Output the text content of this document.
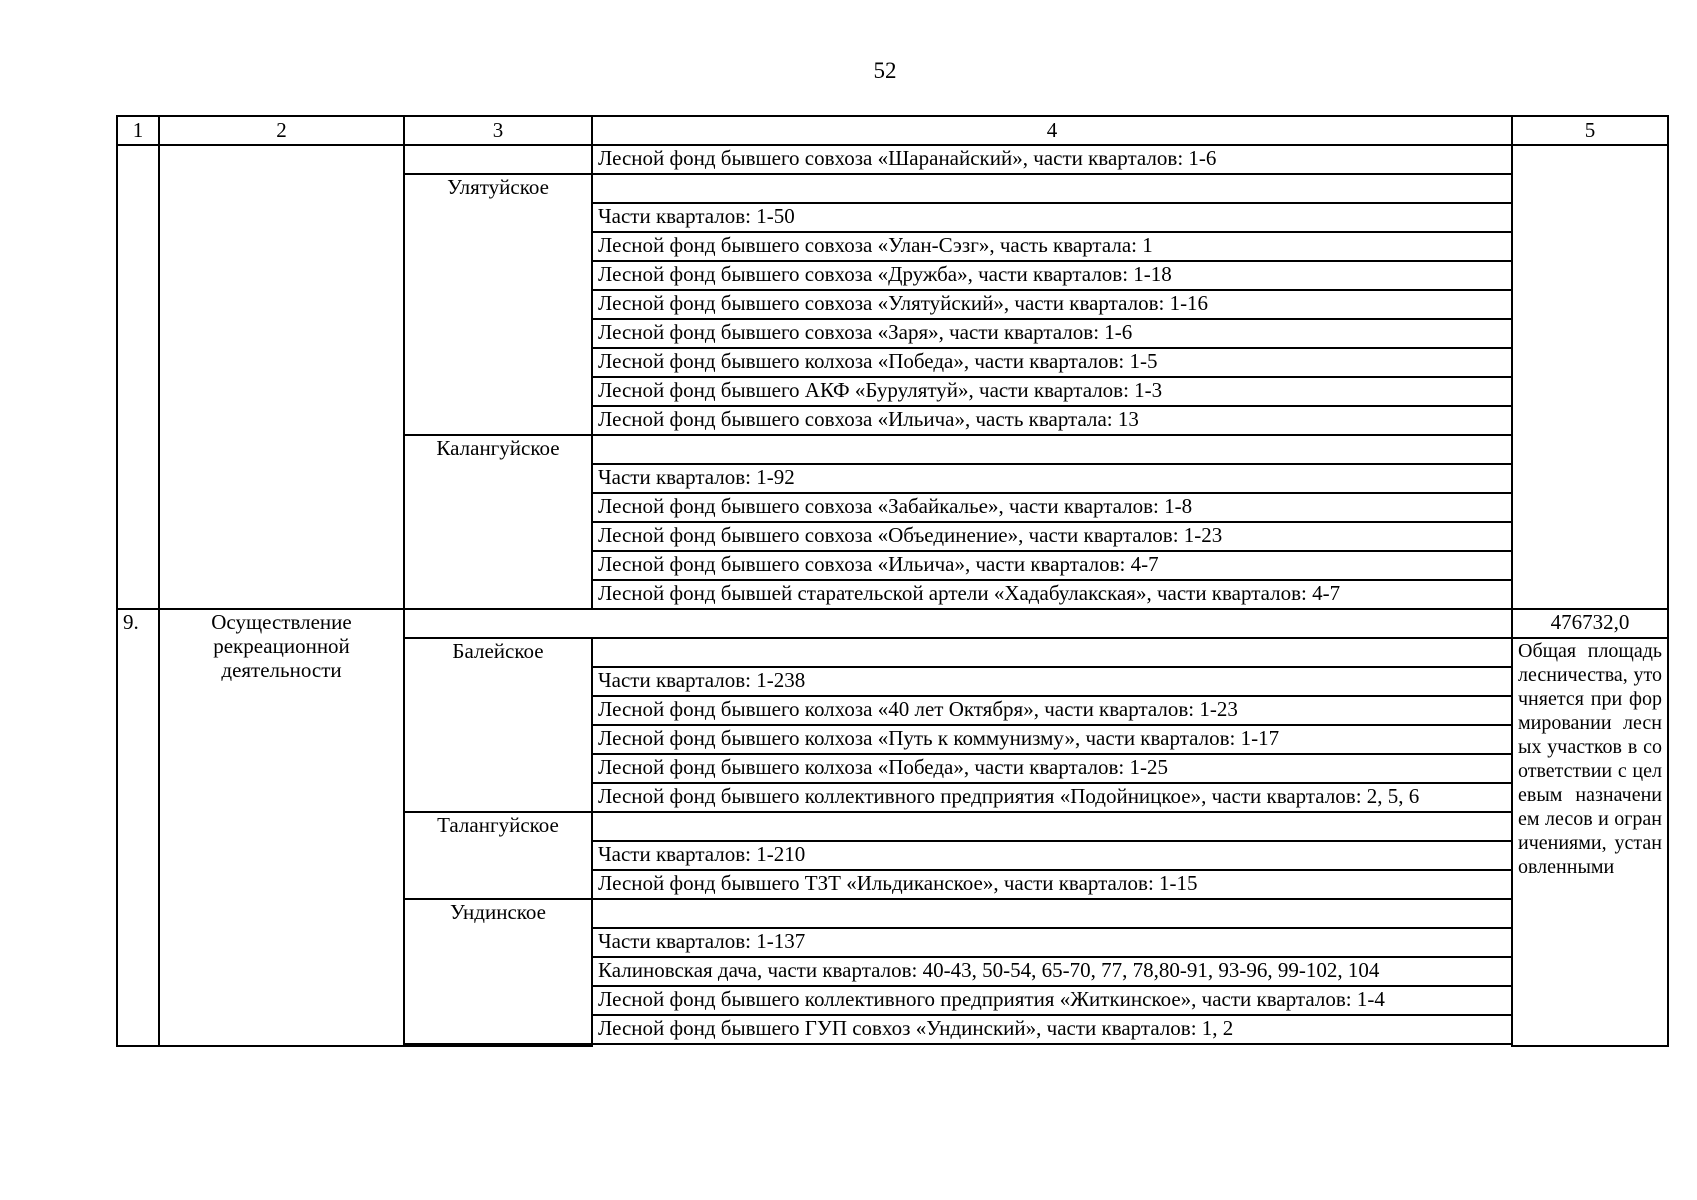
52
1	2	3	4	5
			Лесной фонд бывшего совхоза «Шаранайский», части кварталов: 1-6	
		Улятуйское		
			Части кварталов: 1-50	
			Лесной фонд бывшего совхоза «Улан-Сэзг», часть квартала: 1	
			Лесной фонд бывшего совхоза «Дружба», части кварталов: 1-18	
			Лесной фонд бывшего совхоза «Улятуйский», части кварталов: 1-16	
			Лесной фонд бывшего совхоза «Заря», части кварталов: 1-6	
			Лесной фонд бывшего колхоза «Победа», части кварталов: 1-5	
			Лесной фонд бывшего АКФ «Бурулятуй», части кварталов: 1-3	
			Лесной фонд бывшего совхоза «Ильича», часть квартала: 13	
		Калангуйское		
			Части кварталов: 1-92	
			Лесной фонд бывшего совхоза «Забайкалье», части кварталов: 1-8	
			Лесной фонд бывшего совхоза «Объединение», части кварталов: 1-23	
			Лесной фонд бывшего совхоза «Ильича», части кварталов: 4-7	
			Лесной фонд бывшей старательской артели «Хадабулакская», части кварталов: 4-7	
9.	Осуществление рекреационной деятельности			476732,0
		Балейское		Общая площадь лесничества, уточняется при формировании лесных участков в соответствии с целевым назначением лесов и ограничениями, установленными
			Части кварталов: 1-238	
			Лесной фонд бывшего колхоза «40 лет Октября», части кварталов: 1-23	
			Лесной фонд бывшего колхоза «Путь к коммунизму», части кварталов: 1-17	
			Лесной фонд бывшего колхоза «Победа», части кварталов: 1-25	
			Лесной фонд бывшего коллективного предприятия «Подойницкое», части кварталов: 2, 5, 6	
		Талангуйское		
			Части кварталов: 1-210	
			Лесной фонд бывшего ТЗТ «Ильдиканское», части кварталов: 1-15	
		Ундинское		
			Части кварталов: 1-137	
			Калиновская дача, части кварталов: 40-43, 50-54, 65-70, 77, 78,80-91, 93-96, 99-102, 104	
			Лесной фонд бывшего коллективного предприятия «Житкинское», части кварталов: 1-4	
			Лесной фонд бывшего ГУП совхоз «Ундинский», части кварталов: 1, 2	
